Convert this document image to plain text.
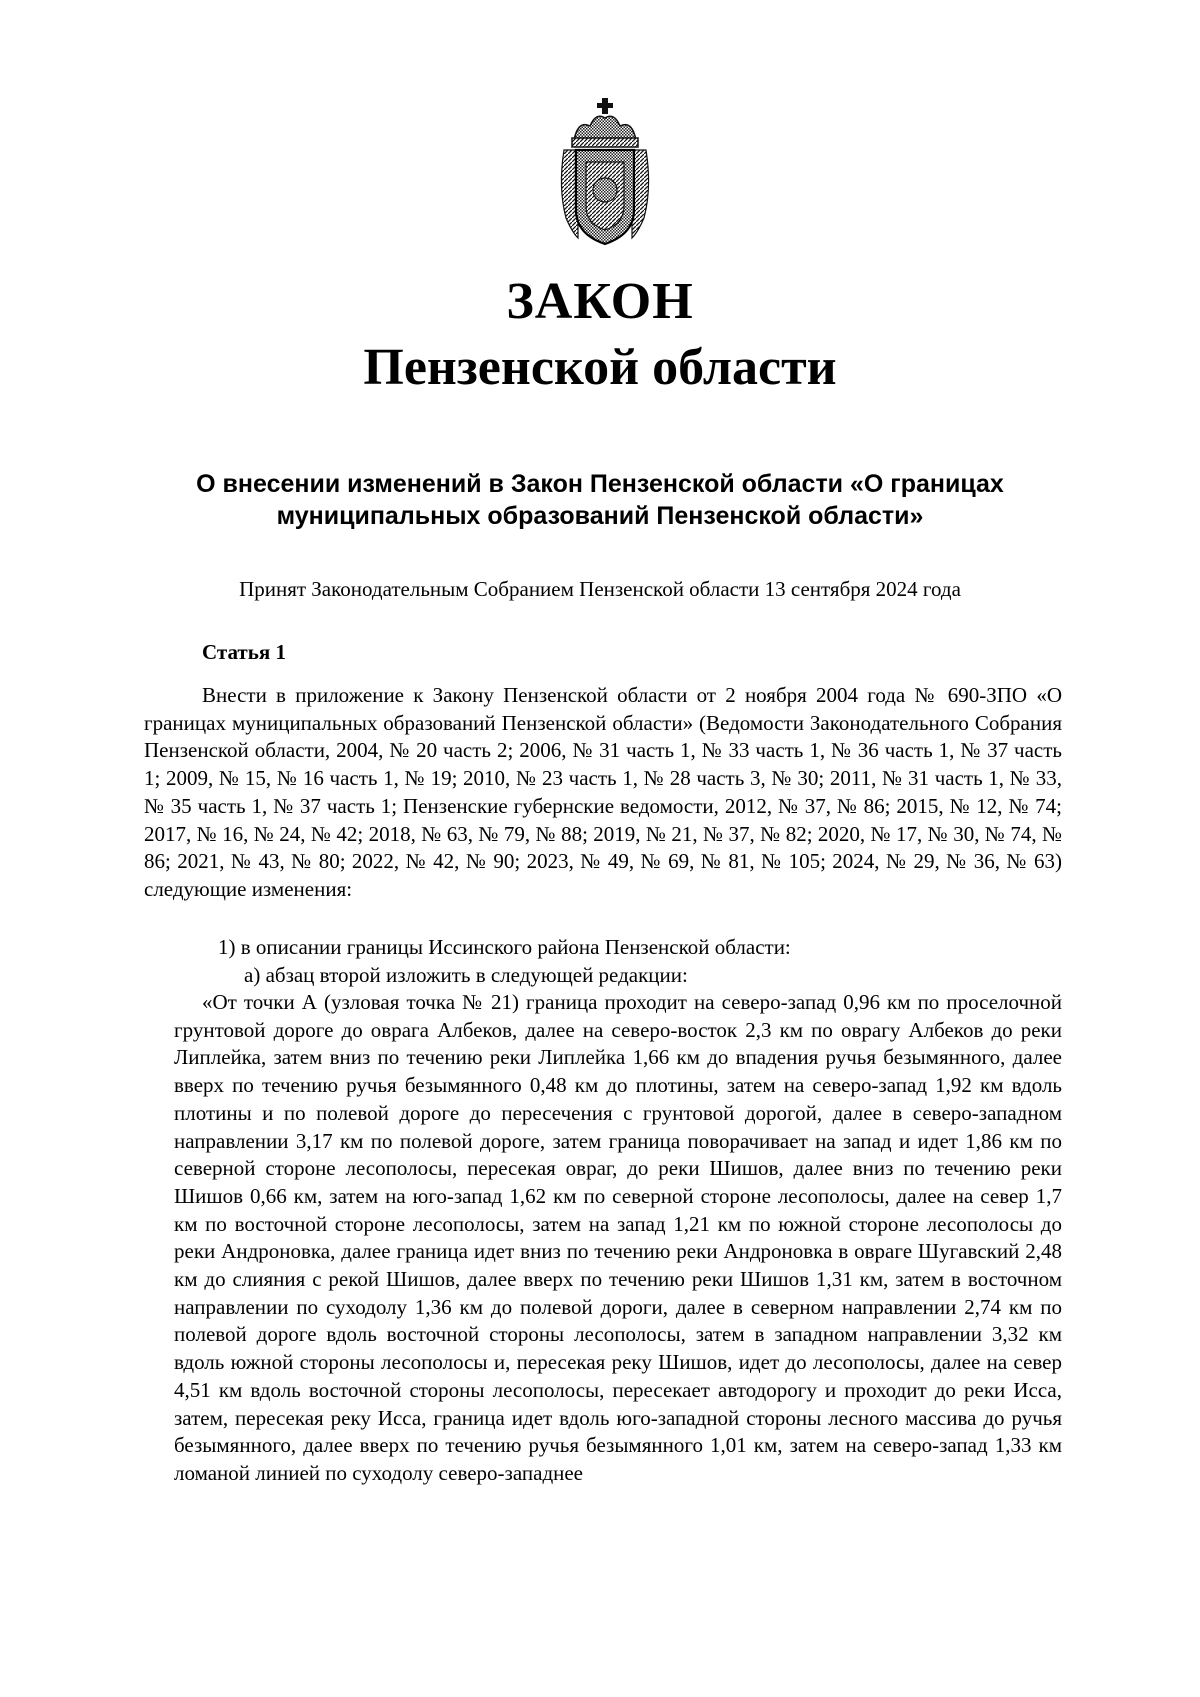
ЗАКОН
Пензенской области
О внесении изменений в Закон Пензенской области «О границах муниципальных образований Пензенской области»
Принят Законодательным Собранием Пензенской области 13 сентября 2024 года
Статья 1
Внести в приложение к Закону Пензенской области от 2 ноября 2004 года № 690-ЗПО «О границах муниципальных образований Пензенской области» (Ведомости Законодательного Собрания Пензенской области, 2004, № 20 часть 2; 2006, № 31 часть 1, № 33 часть 1, № 36 часть 1, № 37 часть 1; 2009, № 15, № 16 часть 1, № 19; 2010, № 23 часть 1, № 28 часть 3, № 30; 2011, № 31 часть 1, № 33, № 35 часть 1, № 37 часть 1; Пензенские губернские ведомости, 2012, № 37, № 86; 2015, № 12, № 74; 2017, № 16, № 24, № 42; 2018, № 63, № 79, № 88; 2019, № 21, № 37, № 82; 2020, № 17, № 30, № 74, № 86; 2021, № 43, № 80; 2022, № 42, № 90; 2023, № 49, № 69, № 81, № 105; 2024, № 29, № 36, № 63) следующие изменения:
1) в описании границы Иссинского района Пензенской области:
а) абзац второй изложить в следующей редакции:
«От точки А (узловая точка № 21) граница проходит на северо-запад 0,96 км по проселочной грунтовой дороге до оврага Албеков, далее на северо-восток 2,3 км по оврагу Албеков до реки Липлейка, затем вниз по течению реки Липлейка 1,66 км до впадения ручья безымянного, далее вверх по течению ручья безымянного 0,48 км до плотины, затем на северо-запад 1,92 км вдоль плотины и по полевой дороге до пересечения с грунтовой дорогой, далее в северо-западном направлении 3,17 км по полевой дороге, затем граница поворачивает на запад и идет 1,86 км по северной стороне лесополосы, пересекая овраг, до реки Шишов, далее вниз по течению реки Шишов 0,66 км, затем на юго-запад 1,62 км по северной стороне лесополосы, далее на север 1,7 км по восточной стороне лесополосы, затем на запад 1,21 км по южной стороне лесополосы до реки Андроновка, далее граница идет вниз по течению реки Андроновка в овраге Шугавский 2,48 км до слияния с рекой Шишов, далее вверх по течению реки Шишов 1,31 км, затем в восточном направлении по суходолу 1,36 км до полевой дороги, далее в северном направлении 2,74 км по полевой дороге вдоль восточной стороны лесополосы, затем в западном направлении 3,32 км вдоль южной стороны лесополосы и, пересекая реку Шишов, идет до лесополосы, далее на север 4,51 км вдоль восточной стороны лесополосы, пересекает автодорогу и проходит до реки Исса, затем, пересекая реку Исса, граница идет вдоль юго-западной стороны лесного массива до ручья безымянного, далее вверх по течению ручья безымянного 1,01 км, затем на северо-запад 1,33 км ломаной линией по суходолу северо-западнее
